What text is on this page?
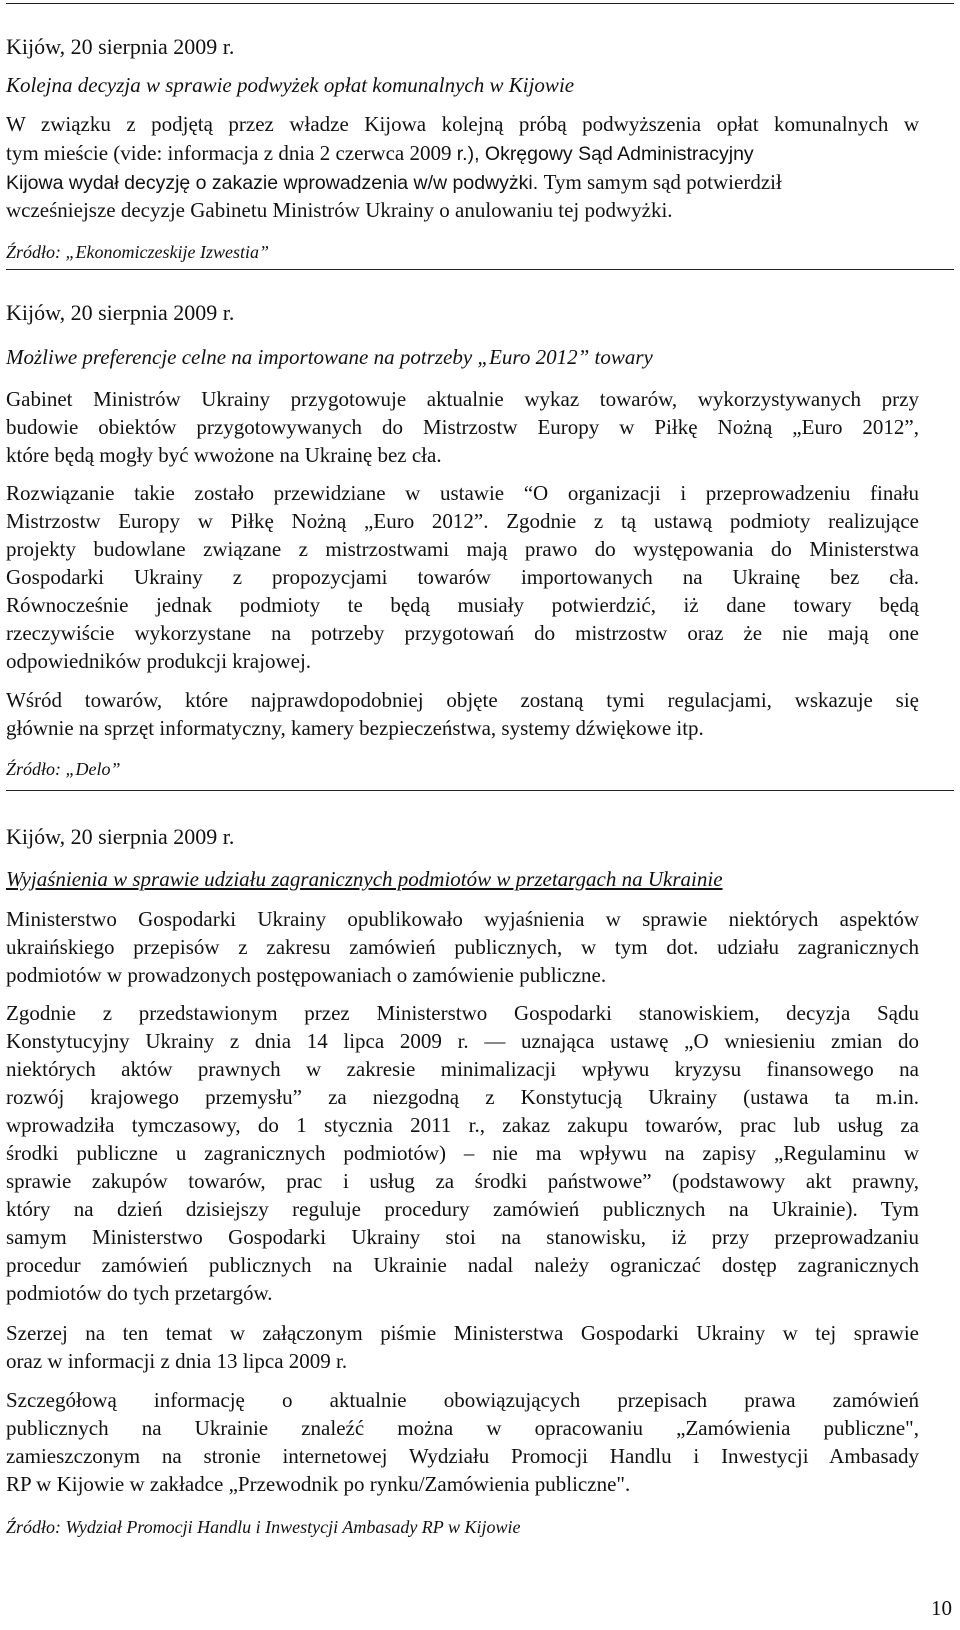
Kijów, 20 sierpnia 2009 r.
Kolejna decyzja w sprawie podwyżek opłat komunalnych w Kijowie
W związku z podjętą przez władze Kijowa kolejną próbą podwyższenia opłat komunalnych w
tym mieście (vide: informacja z dnia 2 czerwca 2009 r.), Okręgowy Sąd Administracyjny
Kijowa wydał decyzję o zakazie wprowadzenia w/w podwyżki. Tym samym sąd potwierdził
wcześniejsze decyzje Gabinetu Ministrów Ukrainy o anulowaniu tej podwyżki.
Źródło: „Ekonomiczeskije Izwestia”
Kijów, 20 sierpnia 2009 r.
Możliwe preferencje celne na importowane na potrzeby „Euro 2012” towary
Gabinet Ministrów Ukrainy przygotowuje aktualnie wykaz towarów, wykorzystywanych przy
budowie obiektów przygotowywanych do Mistrzostw Europy w Piłkę Nożną „Euro 2012”,
które będą mogły być wwożone na Ukrainę bez cła.
Rozwiązanie takie zostało przewidziane w ustawie “O organizacji i przeprowadzeniu finału
Mistrzostw Europy w Piłkę Nożną „Euro 2012”. Zgodnie z tą ustawą podmioty realizujące
projekty budowlane związane z mistrzostwami mają prawo do występowania do Ministerstwa
Gospodarki Ukrainy z propozycjami towarów importowanych na Ukrainę bez cła.
Równocześnie jednak podmioty te będą musiały potwierdzić, iż dane towary będą
rzeczywiście wykorzystane na potrzeby przygotowań do mistrzostw oraz że nie mają one
odpowiedników produkcji krajowej.
Wśród towarów, które najprawdopodobniej objęte zostaną tymi regulacjami, wskazuje się
głównie na sprzęt informatyczny, kamery bezpieczeństwa, systemy dźwiękowe itp.
Źródło: „Delo”
Kijów, 20 sierpnia 2009 r.
Wyjaśnienia w sprawie udziału zagranicznych podmiotów w przetargach na Ukrainie
Ministerstwo Gospodarki Ukrainy opublikowało wyjaśnienia w sprawie niektórych aspektów
ukraińskiego przepisów z zakresu zamówień publicznych, w tym dot. udziału zagranicznych
podmiotów w prowadzonych postępowaniach o zamówienie publiczne.
Zgodnie z przedstawionym przez Ministerstwo Gospodarki stanowiskiem, decyzja Sądu
Konstytucyjny Ukrainy z dnia 14 lipca 2009 r. — uznająca ustawę „O wniesieniu zmian do
niektórych aktów prawnych w zakresie minimalizacji wpływu kryzysu finansowego na
rozwój krajowego przemysłu” za niezgodną z Konstytucją Ukrainy (ustawa ta m.in.
wprowadziła tymczasowy, do 1 stycznia 2011 r., zakaz zakupu towarów, prac lub usług za
środki publiczne u zagranicznych podmiotów) – nie ma wpływu na zapisy „Regulaminu w
sprawie zakupów towarów, prac i usług za środki państwowe” (podstawowy akt prawny,
który na dzień dzisiejszy reguluje procedury zamówień publicznych na Ukrainie). Tym
samym Ministerstwo Gospodarki Ukrainy stoi na stanowisku, iż przy przeprowadzaniu
procedur zamówień publicznych na Ukrainie nadal należy ograniczać dostęp zagranicznych
podmiotów do tych przetargów.
Szerzej na ten temat w załączonym piśmie Ministerstwa Gospodarki Ukrainy w tej sprawie
oraz w informacji z dnia 13 lipca 2009 r.
Szczegółową informację o aktualnie obowiązujących przepisach prawa zamówień
publicznych na Ukrainie znaleźć można w opracowaniu „Zamówienia publiczne",
zamieszczonym na stronie internetowej Wydziału Promocji Handlu i Inwestycji Ambasady
RP w Kijowie w zakładce „Przewodnik po rynku/Zamówienia publiczne".
Źródło: Wydział Promocji Handlu i Inwestycji Ambasady RP w Kijowie
10
